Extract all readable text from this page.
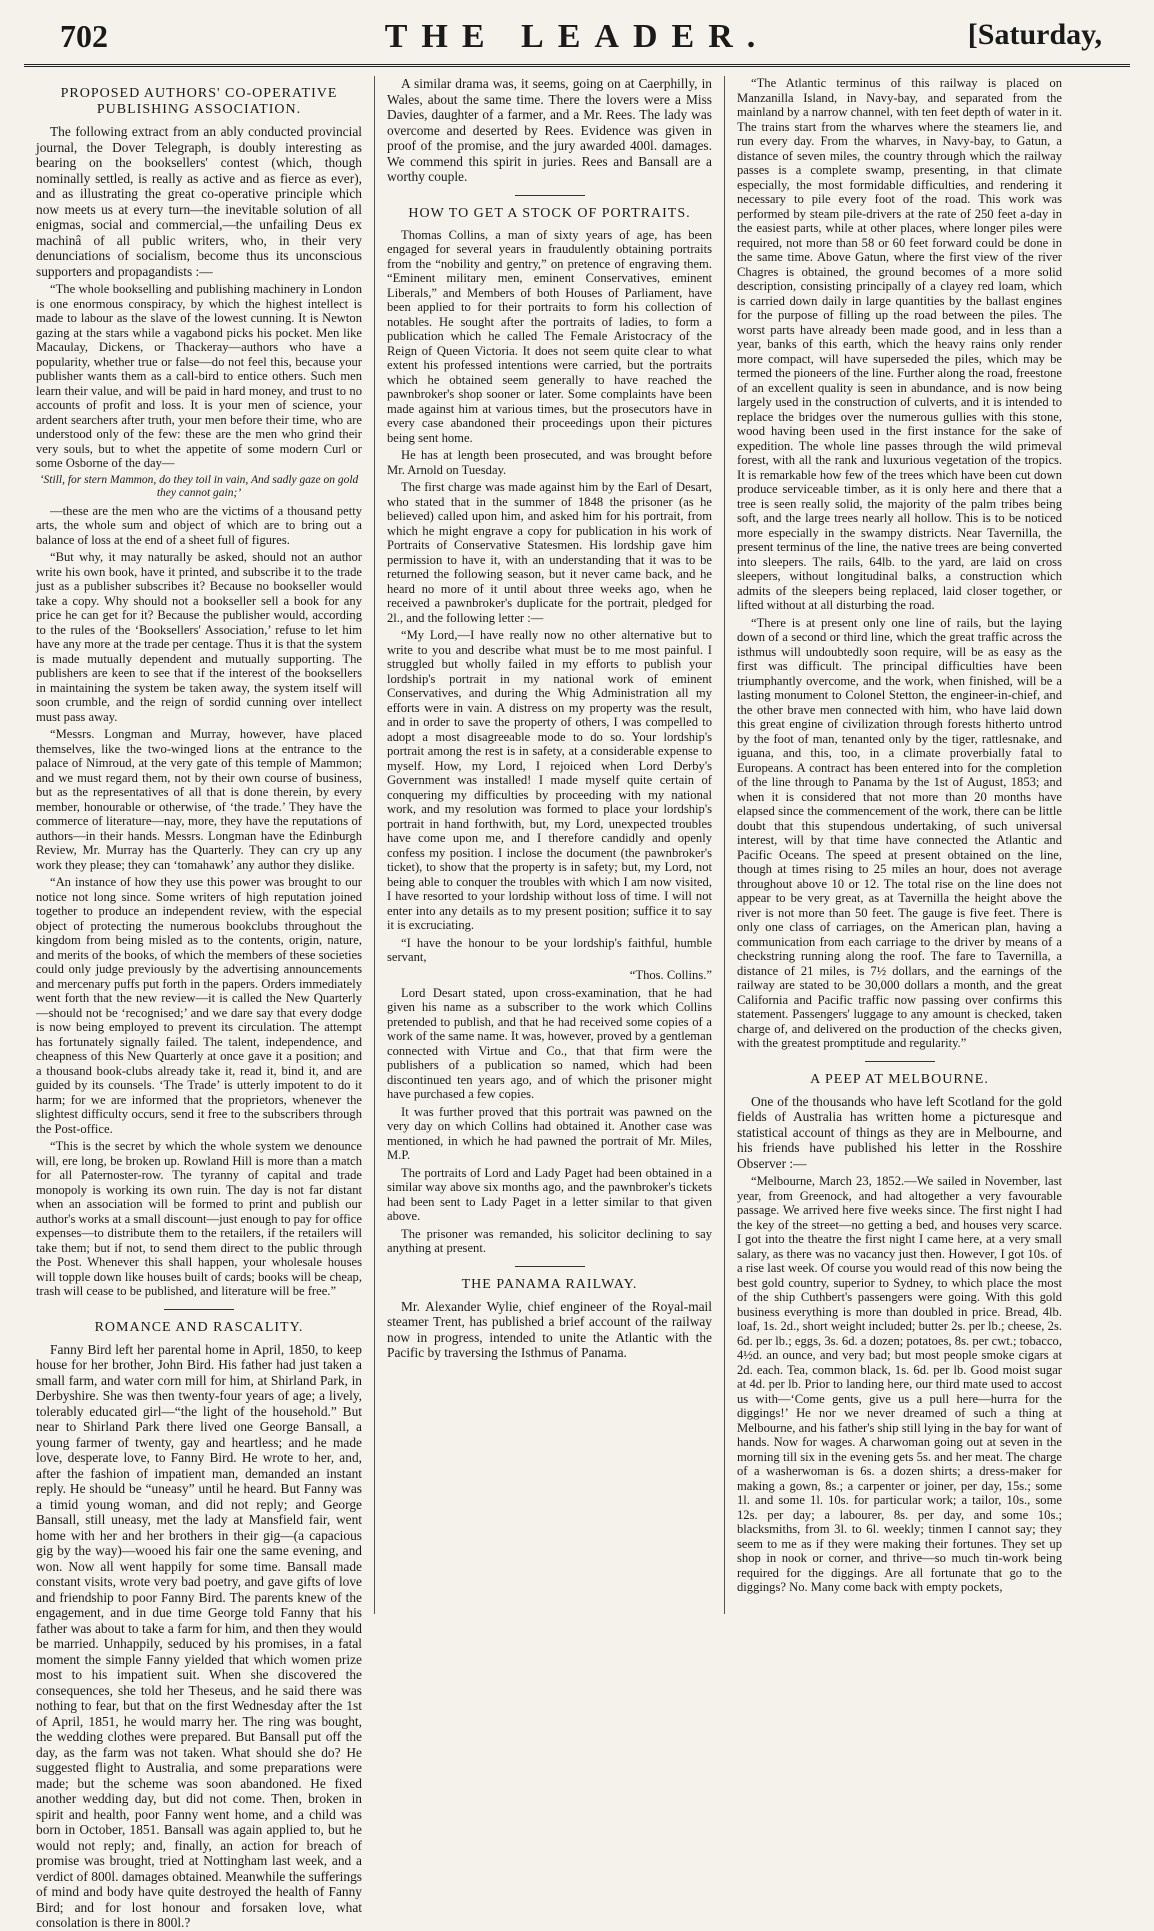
702	THE LEADER.	[Saturday,
PROPOSED AUTHORS' CO-OPERATIVE PUBLISHING ASSOCIATION.

The following extract from an ably conducted provincial journal, the Dover Telegraph, is doubly interesting as bearing on the booksellers' contest (which, though nominally settled, is really as active and as fierce as ever), and as illustrating the great co-operative principle which now meets us at every turn—the inevitable solution of all enigmas, social and commercial,—the unfailing Deus ex machinâ of all public writers, who, in their very denunciations of socialism, become thus its unconscious supporters and propagandists :—

“The whole bookselling and publishing machinery in London is one enormous conspiracy, by which the highest intellect is made to labour as the slave of the lowest cunning. It is Newton gazing at the stars while a vagabond picks his pocket. Men like Macaulay, Dickens, or Thackeray—authors who have a popularity, whether true or false—do not feel this, because your publisher wants them as a call-bird to entice others. Such men learn their value, and will be paid in hard money, and trust to no accounts of profit and loss. It is your men of science, your ardent searchers after truth, your men before their time, who are understood only of the few: these are the men who grind their very souls, but to whet the appetite of some modern Curl or some Osborne of the day—

‘Still, for stern Mammon, do they toil in vain, And sadly gaze on gold they cannot gain;’

—these are the men who are the victims of a thousand petty arts, the whole sum and object of which are to bring out a balance of loss at the end of a sheet full of figures.

“But why, it may naturally be asked, should not an author write his own book, have it printed, and subscribe it to the trade just as a publisher subscribes it? Because no bookseller would take a copy. Why should not a bookseller sell a book for any price he can get for it? Because the publisher would, according to the rules of the ‘Booksellers' Association,’ refuse to let him have any more at the trade per centage. Thus it is that the system is made mutually dependent and mutually supporting. The publishers are keen to see that if the interest of the booksellers in maintaining the system be taken away, the system itself will soon crumble, and the reign of sordid cunning over intellect must pass away.

“Messrs. Longman and Murray, however, have placed themselves, like the two-winged lions at the entrance to the palace of Nimroud, at the very gate of this temple of Mammon; and we must regard them, not by their own course of business, but as the representatives of all that is done therein, by every member, honourable or otherwise, of ‘the trade.’ They have the commerce of literature—nay, more, they have the reputations of authors—in their hands. Messrs. Longman have the Edinburgh Review, Mr. Murray has the Quarterly. They can cry up any work they please; they can ‘tomahawk’ any author they dislike.

“An instance of how they use this power was brought to our notice not long since. Some writers of high reputation joined together to produce an independent review, with the especial object of protecting the numerous bookclubs throughout the kingdom from being misled as to the contents, origin, nature, and merits of the books, of which the members of these societies could only judge previously by the advertising announcements and mercenary puffs put forth in the papers. Orders immediately went forth that the new review—it is called the New Quarterly—should not be ‘recognised;’ and we dare say that every dodge is now being employed to prevent its circulation. The attempt has fortunately signally failed. The talent, independence, and cheapness of this New Quarterly at once gave it a position; and a thousand book-clubs already take it, read it, bind it, and are guided by its counsels. ‘The Trade’ is utterly impotent to do it harm; for we are informed that the proprietors, whenever the slightest difficulty occurs, send it free to the subscribers through the Post-office.

“This is the secret by which the whole system we denounce will, ere long, be broken up. Rowland Hill is more than a match for all Paternoster-row. The tyranny of capital and trade monopoly is working its own ruin. The day is not far distant when an association will be formed to print and publish our author's works at a small discount—just enough to pay for office expenses—to distribute them to the retailers, if the retailers will take them; but if not, to send them direct to the public through the Post. Whenever this shall happen, your wholesale houses will topple down like houses built of cards; books will be cheap, trash will cease to be published, and literature will be free.”

ROMANCE AND RASCALITY.

Fanny Bird left her parental home in April, 1850, to keep house for her brother, John Bird. His father had just taken a small farm, and water corn mill for him, at Shirland Park, in Derbyshire. She was then twenty-four years of age; a lively, tolerably educated girl—“the light of the household.” But near to Shirland Park there lived one George Bansall, a young farmer of twenty, gay and heartless; and he made love, desperate love, to Fanny Bird. He wrote to her, and, after the fashion of impatient man, demanded an instant reply. He should be “uneasy” until he heard. But Fanny was a timid young woman, and did not reply; and George Bansall, still uneasy, met the lady at Mansfield fair, went home with her and her brothers in their gig—(a capacious gig by the way)—wooed his fair one the same evening, and won. Now all went happily for some time. Bansall made constant visits, wrote very bad poetry, and gave gifts of love and friendship to poor Fanny Bird. The parents knew of the engagement, and in due time George told Fanny that his father was about to take a farm for him, and then they would be married. Unhappily, seduced by his promises, in a fatal moment the simple Fanny yielded that which women prize most to his impatient suit. When she discovered the consequences, she told her Theseus, and he said there was nothing to fear, but that on the first Wednesday after the 1st of April, 1851, he would marry her. The ring was bought, the wedding clothes were prepared. But Bansall put off the day, as the farm was not taken. What should she do? He suggested flight to Australia, and some preparations were made; but the scheme was soon abandoned. He fixed another wedding day, but did not come. Then, broken in spirit and health, poor Fanny went home, and a child was born in October, 1851. Bansall was again applied to, but he would not reply; and, finally, an action for breach of promise was brought, tried at Nottingham last week, and a verdict of 800l. damages obtained. Meanwhile the sufferings of mind and body have quite destroyed the health of Fanny Bird; and for lost honour and forsaken love, what consolation is there in 800l.?

A similar drama was, it seems, going on at Caerphilly, in Wales, about the same time. There the lovers were a Miss Davies, daughter of a farmer, and a Mr. Rees. The lady was overcome and deserted by Rees. Evidence was given in proof of the promise, and the jury awarded 400l. damages. We commend this spirit in juries. Rees and Bansall are a worthy couple.

HOW TO GET A STOCK OF PORTRAITS.

Thomas Collins, a man of sixty years of age, has been engaged for several years in fraudulently obtaining portraits from the “nobility and gentry,” on pretence of engraving them. “Eminent military men, eminent Conservatives, eminent Liberals,” and Members of both Houses of Parliament, have been applied to for their portraits to form his collection of notables. He sought after the portraits of ladies, to form a publication which he called The Female Aristocracy of the Reign of Queen Victoria. It does not seem quite clear to what extent his professed intentions were carried, but the portraits which he obtained seem generally to have reached the pawnbroker's shop sooner or later. Some complaints have been made against him at various times, but the prosecutors have in every case abandoned their proceedings upon their pictures being sent home.

He has at length been prosecuted, and was brought before Mr. Arnold on Tuesday.

The first charge was made against him by the Earl of Desart, who stated that in the summer of 1848 the prisoner (as he believed) called upon him, and asked him for his portrait, from which he might engrave a copy for publication in his work of Portraits of Conservative Statesmen. His lordship gave him permission to have it, with an understanding that it was to be returned the following season, but it never came back, and he heard no more of it until about three weeks ago, when he received a pawnbroker's duplicate for the portrait, pledged for 2l., and the following letter :—

“My Lord,—I have really now no other alternative but to write to you and describe what must be to me most painful. I struggled but wholly failed in my efforts to publish your lordship's portrait in my national work of eminent Conservatives, and during the Whig Administration all my efforts were in vain. A distress on my property was the result, and in order to save the property of others, I was compelled to adopt a most disagreeable mode to do so. Your lordship's portrait among the rest is in safety, at a considerable expense to myself. How, my Lord, I rejoiced when Lord Derby's Government was installed! I made myself quite certain of conquering my difficulties by proceeding with my national work, and my resolution was formed to place your lordship's portrait in hand forthwith, but, my Lord, unexpected troubles have come upon me, and I therefore candidly and openly confess my position. I inclose the document (the pawnbroker's ticket), to show that the property is in safety; but, my Lord, not being able to conquer the troubles with which I am now visited, I have resorted to your lordship without loss of time. I will not enter into any details as to my present position; suffice it to say it is excruciating.

“I have the honour to be your lordship's faithful, humble servant,

“Thos. Collins.”

Lord Desart stated, upon cross-examination, that he had given his name as a subscriber to the work which Collins pretended to publish, and that he had received some copies of a work of the same name. It was, however, proved by a gentleman connected with Virtue and Co., that that firm were the publishers of a publication so named, which had been discontinued ten years ago, and of which the prisoner might have purchased a few copies.

It was further proved that this portrait was pawned on the very day on which Collins had obtained it. Another case was mentioned, in which he had pawned the portrait of Mr. Miles, M.P.

The portraits of Lord and Lady Paget had been obtained in a similar way above six months ago, and the pawnbroker's tickets had been sent to Lady Paget in a letter similar to that given above.

The prisoner was remanded, his solicitor declining to say anything at present.

THE PANAMA RAILWAY.

Mr. Alexander Wylie, chief engineer of the Royal-mail steamer Trent, has published a brief account of the railway now in progress, intended to unite the Atlantic with the Pacific by traversing the Isthmus of Panama.

“The Atlantic terminus of this railway is placed on Manzanilla Island, in Navy-bay, and separated from the mainland by a narrow channel, with ten feet depth of water in it. The trains start from the wharves where the steamers lie, and run every day. From the wharves, in Navy-bay, to Gatun, a distance of seven miles, the country through which the railway passes is a complete swamp, presenting, in that climate especially, the most formidable difficulties, and rendering it necessary to pile every foot of the road. This work was performed by steam pile-drivers at the rate of 250 feet a-day in the easiest parts, while at other places, where longer piles were required, not more than 58 or 60 feet forward could be done in the same time. Above Gatun, where the first view of the river Chagres is obtained, the ground becomes of a more solid description, consisting principally of a clayey red loam, which is carried down daily in large quantities by the ballast engines for the purpose of filling up the road between the piles. The worst parts have already been made good, and in less than a year, banks of this earth, which the heavy rains only render more compact, will have superseded the piles, which may be termed the pioneers of the line. Further along the road, freestone of an excellent quality is seen in abundance, and is now being largely used in the construction of culverts, and it is intended to replace the bridges over the numerous gullies with this stone, wood having been used in the first instance for the sake of expedition. The whole line passes through the wild primeval forest, with all the rank and luxurious vegetation of the tropics. It is remarkable how few of the trees which have been cut down produce serviceable timber, as it is only here and there that a tree is seen really solid, the majority of the palm tribes being soft, and the large trees nearly all hollow. This is to be noticed more especially in the swampy districts. Near Tavernilla, the present terminus of the line, the native trees are being converted into sleepers. The rails, 64lb. to the yard, are laid on cross sleepers, without longitudinal balks, a construction which admits of the sleepers being replaced, laid closer together, or lifted without at all disturbing the road.

“There is at present only one line of rails, but the laying down of a second or third line, which the great traffic across the isthmus will undoubtedly soon require, will be as easy as the first was difficult. The principal difficulties have been triumphantly overcome, and the work, when finished, will be a lasting monument to Colonel Stetton, the engineer-in-chief, and the other brave men connected with him, who have laid down this great engine of civilization through forests hitherto untrod by the foot of man, tenanted only by the tiger, rattlesnake, and iguana, and this, too, in a climate proverbially fatal to Europeans. A contract has been entered into for the completion of the line through to Panama by the 1st of August, 1853; and when it is considered that not more than 20 months have elapsed since the commencement of the work, there can be little doubt that this stupendous undertaking, of such universal interest, will by that time have connected the Atlantic and Pacific Oceans. The speed at present obtained on the line, though at times rising to 25 miles an hour, does not average throughout above 10 or 12. The total rise on the line does not appear to be very great, as at Tavernilla the height above the river is not more than 50 feet. The gauge is five feet. There is only one class of carriages, on the American plan, having a communication from each carriage to the driver by means of a checkstring running along the roof. The fare to Tavernilla, a distance of 21 miles, is 7½ dollars, and the earnings of the railway are stated to be 30,000 dollars a month, and the great California and Pacific traffic now passing over confirms this statement. Passengers' luggage to any amount is checked, taken charge of, and delivered on the production of the checks given, with the greatest promptitude and regularity.”

A PEEP AT MELBOURNE.

One of the thousands who have left Scotland for the gold fields of Australia has written home a picturesque and statistical account of things as they are in Melbourne, and his friends have published his letter in the Rosshire Observer :—

“Melbourne, March 23, 1852.—We sailed in November, last year, from Greenock, and had altogether a very favourable passage. We arrived here five weeks since. The first night I had the key of the street—no getting a bed, and houses very scarce. I got into the theatre the first night I came here, at a very small salary, as there was no vacancy just then. However, I got 10s. of a rise last week. Of course you would read of this now being the best gold country, superior to Sydney, to which place the most of the ship Cuthbert's passengers were going. With this gold business everything is more than doubled in price. Bread, 4lb. loaf, 1s. 2d., short weight included; butter 2s. per lb.; cheese, 2s. 6d. per lb.; eggs, 3s. 6d. a dozen; potatoes, 8s. per cwt.; tobacco, 4½d. an ounce, and very bad; but most people smoke cigars at 2d. each. Tea, common black, 1s. 6d. per lb. Good moist sugar at 4d. per lb. Prior to landing here, our third mate used to accost us with—‘Come gents, give us a pull here—hurra for the diggings!’ He nor we never dreamed of such a thing at Melbourne, and his father's ship still lying in the bay for want of hands. Now for wages. A charwoman going out at seven in the morning till six in the evening gets 5s. and her meat. The charge of a washerwoman is 6s. a dozen shirts; a dress-maker for making a gown, 8s.; a carpenter or joiner, per day, 15s.; some 1l. and some 1l. 10s. for particular work; a tailor, 10s., some 12s. per day; a labourer, 8s. per day, and some 10s.; blacksmiths, from 3l. to 6l. weekly; tinmen I cannot say; they seem to me as if they were making their fortunes. They set up shop in nook or corner, and thrive—so much tin-work being required for the diggings. Are all fortunate that go to the diggings? No. Many come back with empty pockets,
